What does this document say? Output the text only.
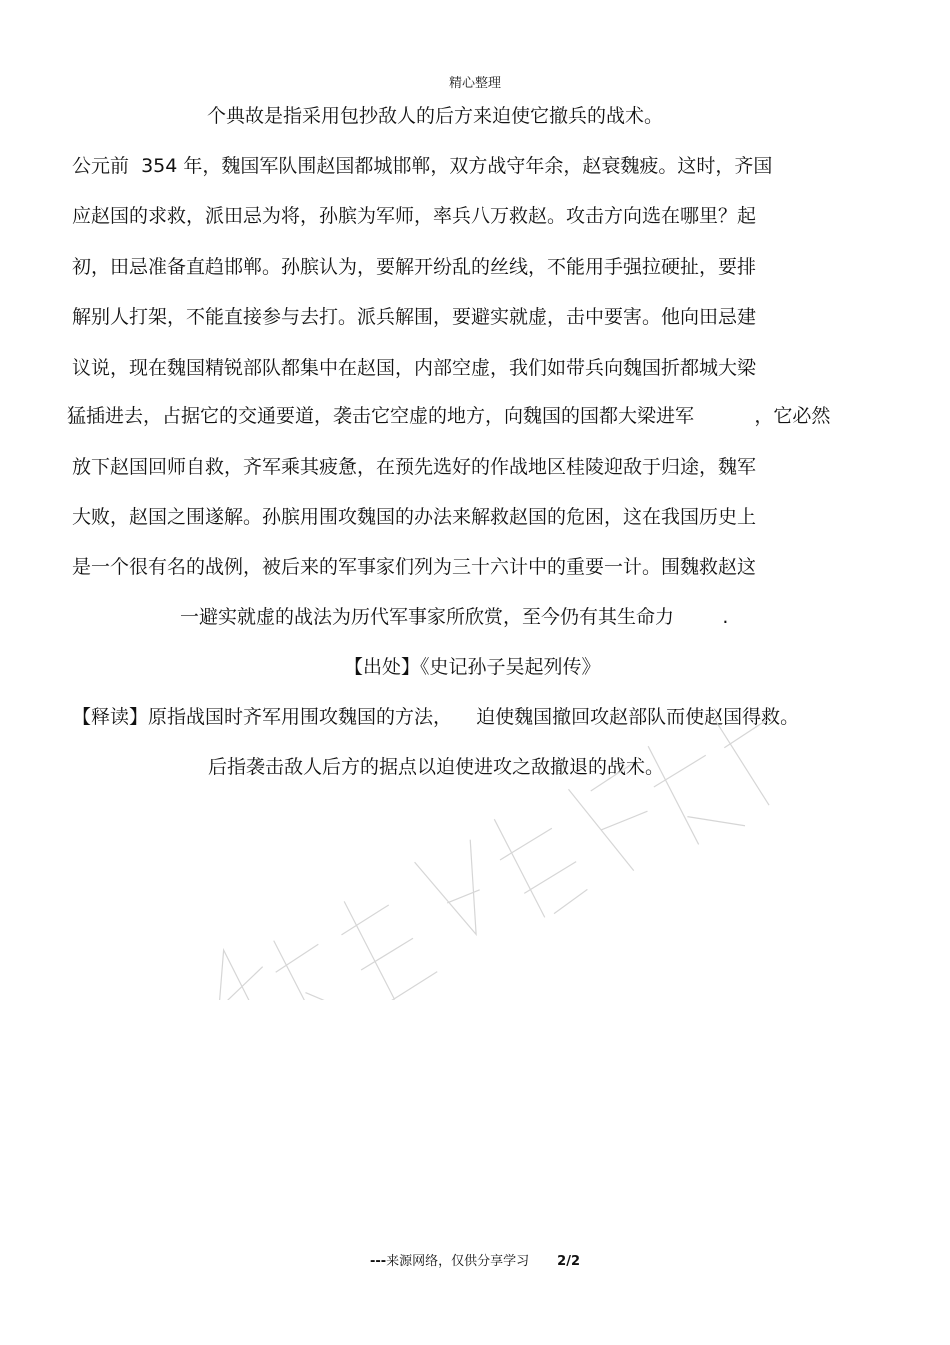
精心整理
个典故是指采用包抄敌人的后方来迫使它撤兵的战术。
公元前  354 年，魏国军队围赵国都城邯郸，双方战守年余，赵衰魏疲。这时，齐国
应赵国的求救，派田忌为将，孙膑为军师，率兵八万救赵。攻击方向选在哪里？起
初，田忌准备直趋邯郸。孙膑认为，要解开纷乱的丝线，不能用手强拉硬扯，要排
解别人打架，不能直接参与去打。派兵解围，要避实就虚，击中要害。他向田忌建
议说，现在魏国精锐部队都集中在赵国，内部空虚，我们如带兵向魏国折都城大梁
猛插进去，占据它的交通要道，袭击它空虚的地方，向魏国的国都大梁进军          ，它必然
放下赵国回师自救，齐军乘其疲惫，在预先选好的作战地区桂陵迎敌于归途，魏军
大败，赵国之围遂解。孙膑用围攻魏国的办法来解救赵国的危困，这在我国历史上
是一个很有名的战例，被后来的军事家们列为三十六计中的重要一计。围魏救赵这
一避实就虚的战法为历代军事家所欣赏，至今仍有其生命力        .
【出处】《史记孙子吴起列传》
【释读】原指战国时齐军用围攻魏国的方法，    迫使魏国撤回攻赵部队而使赵国得救。
后指袭击敌人后方的据点以迫使进攻之敌撤退的战术。
---来源网络，仅供分享学习 2/2
